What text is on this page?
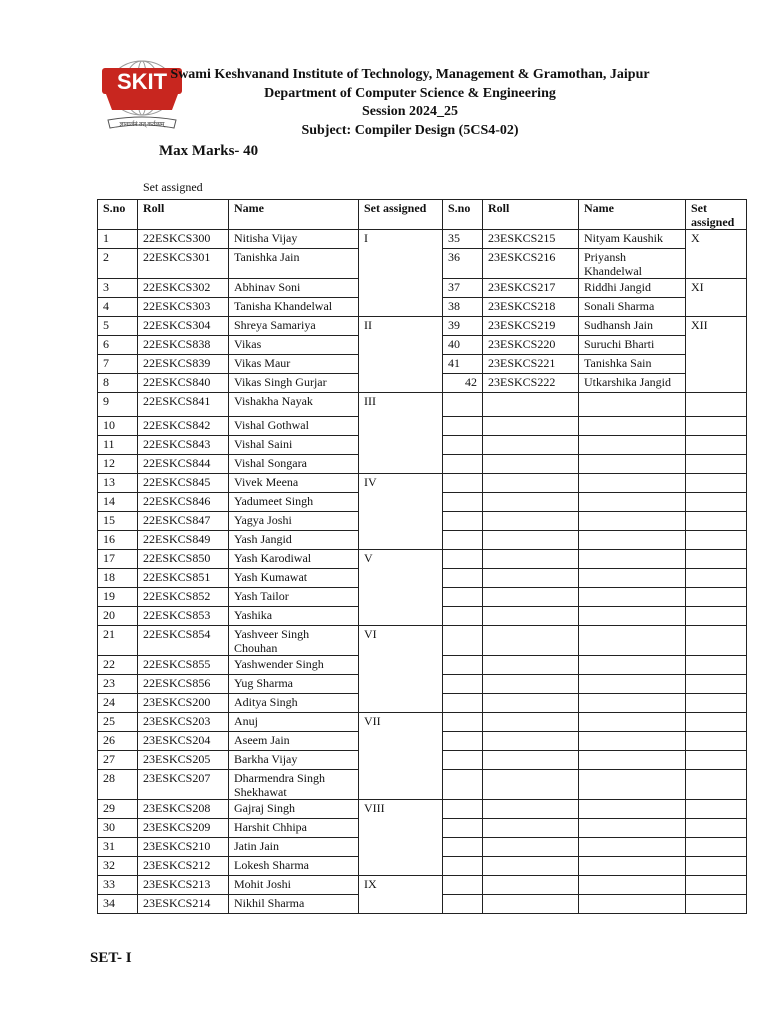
SKIT
ज्ञानार्जनं तत् कर्तव्यम्
Swami Keshvanand Institute of Technology, Management & Gramothan, Jaipur
Department of Computer Science & Engineering
Session 2024_25
Subject: Compiler Design (5CS4-02)
Max Marks- 40
Set assigned
S.no	Roll	Name	Set assigned	S.no	Roll	Name	Set assigned
1	22ESKCS300	Nitisha Vijay	I	35	23ESKCS215	Nityam Kaushik	X
2	22ESKCS301	Tanishka Jain		36	23ESKCS216	Priyansh Khandelwal	
3	22ESKCS302	Abhinav Soni		37	23ESKCS217	Riddhi Jangid	XI
4	22ESKCS303	Tanisha Khandelwal		38	23ESKCS218	Sonali Sharma	
5	22ESKCS304	Shreya Samariya	II	39	23ESKCS219	Sudhansh Jain	XII
6	22ESKCS838	Vikas		40	23ESKCS220	Suruchi Bharti	
7	22ESKCS839	Vikas Maur		41	23ESKCS221	Tanishka Sain	
8	22ESKCS840	Vikas Singh Gurjar		42	23ESKCS222	Utkarshika Jangid	
9	22ESKCS841	Vishakha Nayak	III				
10	22ESKCS842	Vishal Gothwal					
11	22ESKCS843	Vishal Saini					
12	22ESKCS844	Vishal Songara					
13	22ESKCS845	Vivek Meena	IV				
14	22ESKCS846	Yadumeet Singh					
15	22ESKCS847	Yagya Joshi					
16	22ESKCS849	Yash Jangid					
17	22ESKCS850	Yash Karodiwal	V				
18	22ESKCS851	Yash Kumawat					
19	22ESKCS852	Yash Tailor					
20	22ESKCS853	Yashika					
21	22ESKCS854	Yashveer Singh Chouhan	VI				
22	22ESKCS855	Yashwender Singh					
23	22ESKCS856	Yug Sharma					
24	23ESKCS200	Aditya Singh					
25	23ESKCS203	Anuj	VII				
26	23ESKCS204	Aseem Jain					
27	23ESKCS205	Barkha Vijay					
28	23ESKCS207	Dharmendra Singh Shekhawat					
29	23ESKCS208	Gajraj Singh	VIII				
30	23ESKCS209	Harshit Chhipa					
31	23ESKCS210	Jatin Jain					
32	23ESKCS212	Lokesh Sharma					
33	23ESKCS213	Mohit Joshi	IX				
34	23ESKCS214	Nikhil Sharma					
SET- I
